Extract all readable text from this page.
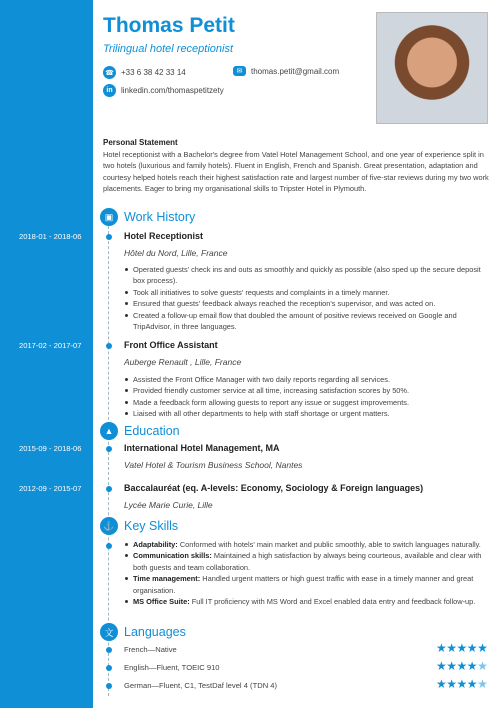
Thomas Petit
Trilingual hotel receptionist
☎ +33 6 38 42 33 14	✉	thomas.petit@gmail.com
in	linkedin.com/thomaspetitzety
Personal Statement
Hotel receptionist with a Bachelor's degree from Vatel Hotel Management School, and one year of experience split in two hotels (luxurious and family hotels). Fluent in English, French and Spanish. Great presentation, adaptation and courtesy helped hotels reach their highest satisfaction rate and largest number of five-star reviews during my two work placements. Eager to bring my organisational skills to Tripster Hotel in Plymouth.
▣ Work History
2018-01 - 2018-06	Hotel Receptionist
Hôtel du Nord, Lille, France
Operated guests' check ins and outs as smoothly and quickly as possible (also sped up the secure deposit box process).
Took all initiatives to solve guests' requests and complaints in a timely manner.
Ensured that guests' feedback always reached the reception's supervisor, and was acted on.
Created a follow-up email flow that doubled the amount of positive reviews received on Google and TripAdvisor, in three languages.
2017-02 - 2017-07	Front Office Assistant
Auberge Renault , Lille, France
Assisted the Front Office Manager with two daily reports regarding all services.
Provided friendly customer service at all time, increasing satisfaction scores by 50%.
Made a feedback form allowing guests to report any issue or suggest improvements.
Liaised with all other departments to help with staff shortage or urgent matters.
▲ Education
2015-09 - 2018-06	International Hotel Management, MA
Vatel Hotel & Tourism Business School, Nantes
2012-09 - 2015-07	Baccalauréat (eq. A-levels: Economy, Sociology & Foreign languages)
Lycée Marie Curie, Lille
⚓ Key Skills
Adaptability: Conformed with hotels' main market and public smoothly, able to switch languages naturally.
Communication skills: Maintained a high satisfaction by always being courteous, available and clear with both guests and team collaboration.
Time management: Handled urgent matters or high guest traffic with ease in a timely manner and great organisation.
MS Office Suite: Full IT proficiency with MS Word and Excel enabled data entry and feedback follow-up.
文 Languages
French—Native	★★★★★
English—Fluent, TOEIC 910	★★★★★
German—Fluent, C1, TestDaf level 4 (TDN 4)	★★★★★
